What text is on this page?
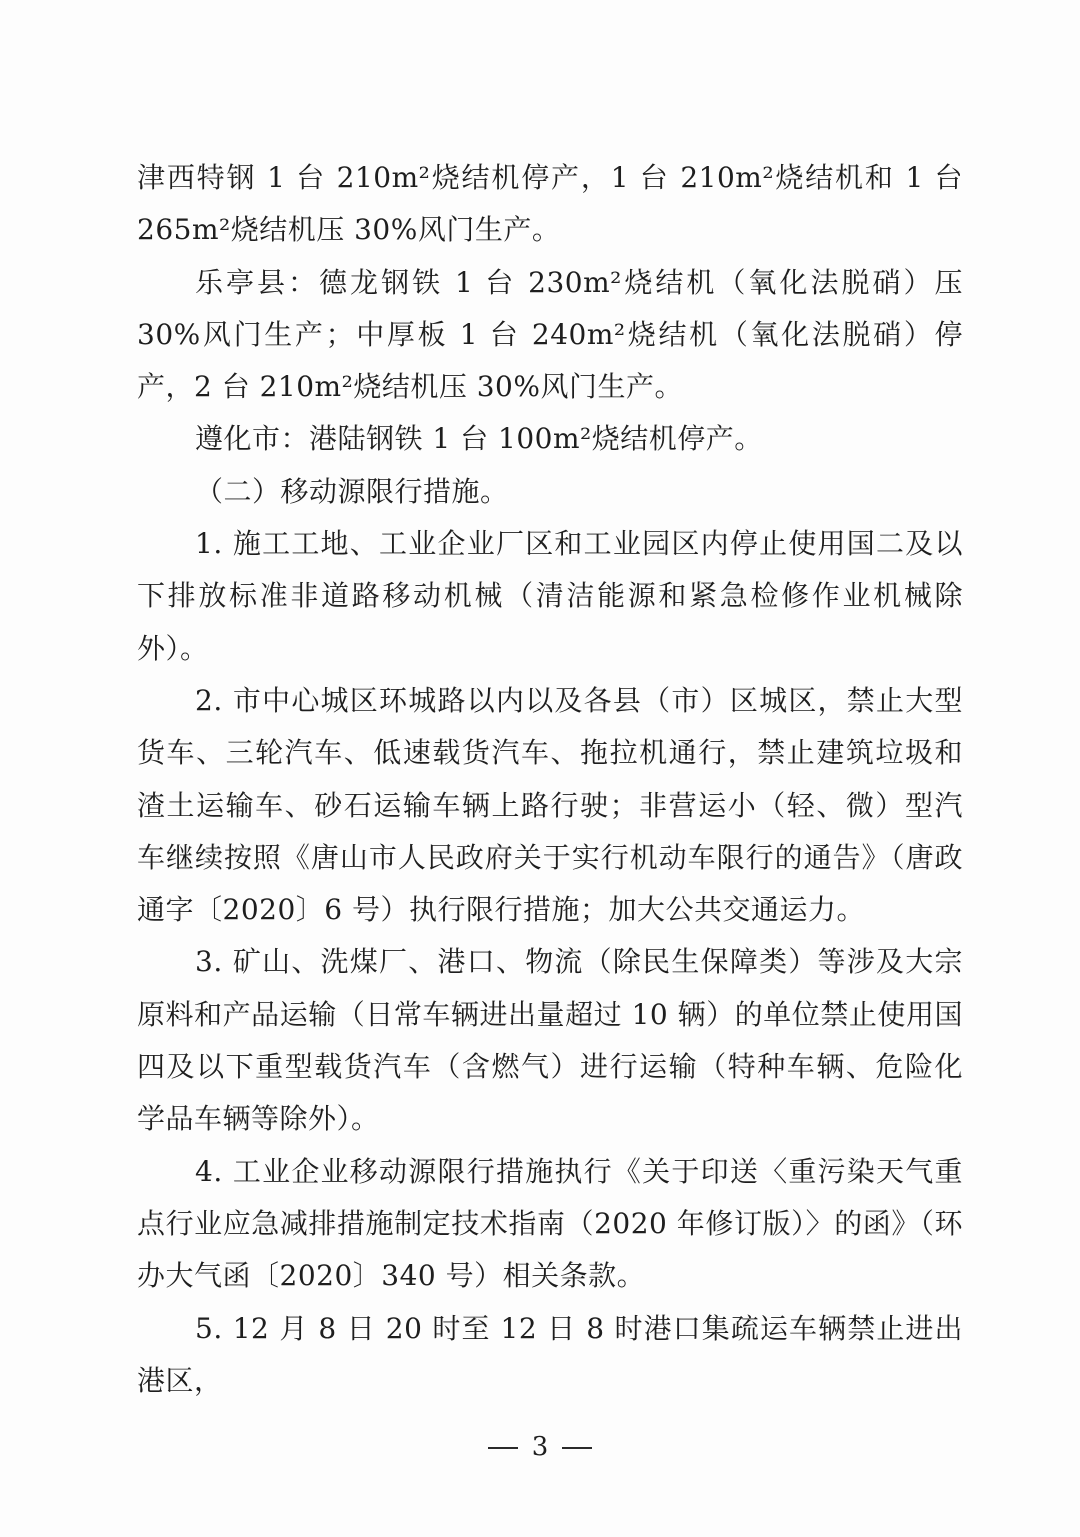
津西特钢 1 台 210m²烧结机停产，1 台 210m²烧结机和 1 台 265m²烧结机压 30%风门生产。

乐亭县：德龙钢铁 1 台 230m²烧结机（氧化法脱硝）压 30%风门生产；中厚板 1 台 240m²烧结机（氧化法脱硝）停产，2 台 210m²烧结机压 30%风门生产。

遵化市：港陆钢铁 1 台 100m²烧结机停产。

（二）移动源限行措施。

1. 施工工地、工业企业厂区和工业园区内停止使用国二及以下排放标准非道路移动机械（清洁能源和紧急检修作业机械除外）。

2. 市中心城区环城路以内以及各县（市）区城区，禁止大型货车、三轮汽车、低速载货汽车、拖拉机通行，禁止建筑垃圾和渣土运输车、砂石运输车辆上路行驶；非营运小（轻、微）型汽车继续按照《唐山市人民政府关于实行机动车限行的通告》（唐政通字〔2020〕6 号）执行限行措施；加大公共交通运力。

3. 矿山、洗煤厂、港口、物流（除民生保障类）等涉及大宗原料和产品运输（日常车辆进出量超过 10 辆）的单位禁止使用国四及以下重型载货汽车（含燃气）进行运输（特种车辆、危险化学品车辆等除外）。

4. 工业企业移动源限行措施执行《关于印送〈重污染天气重点行业应急减排措施制定技术指南（2020 年修订版）〉的函》（环办大气函〔2020〕340 号）相关条款。

5. 12 月 8 日 20 时至 12 日 8 时港口集疏运车辆禁止进出港区，

3
